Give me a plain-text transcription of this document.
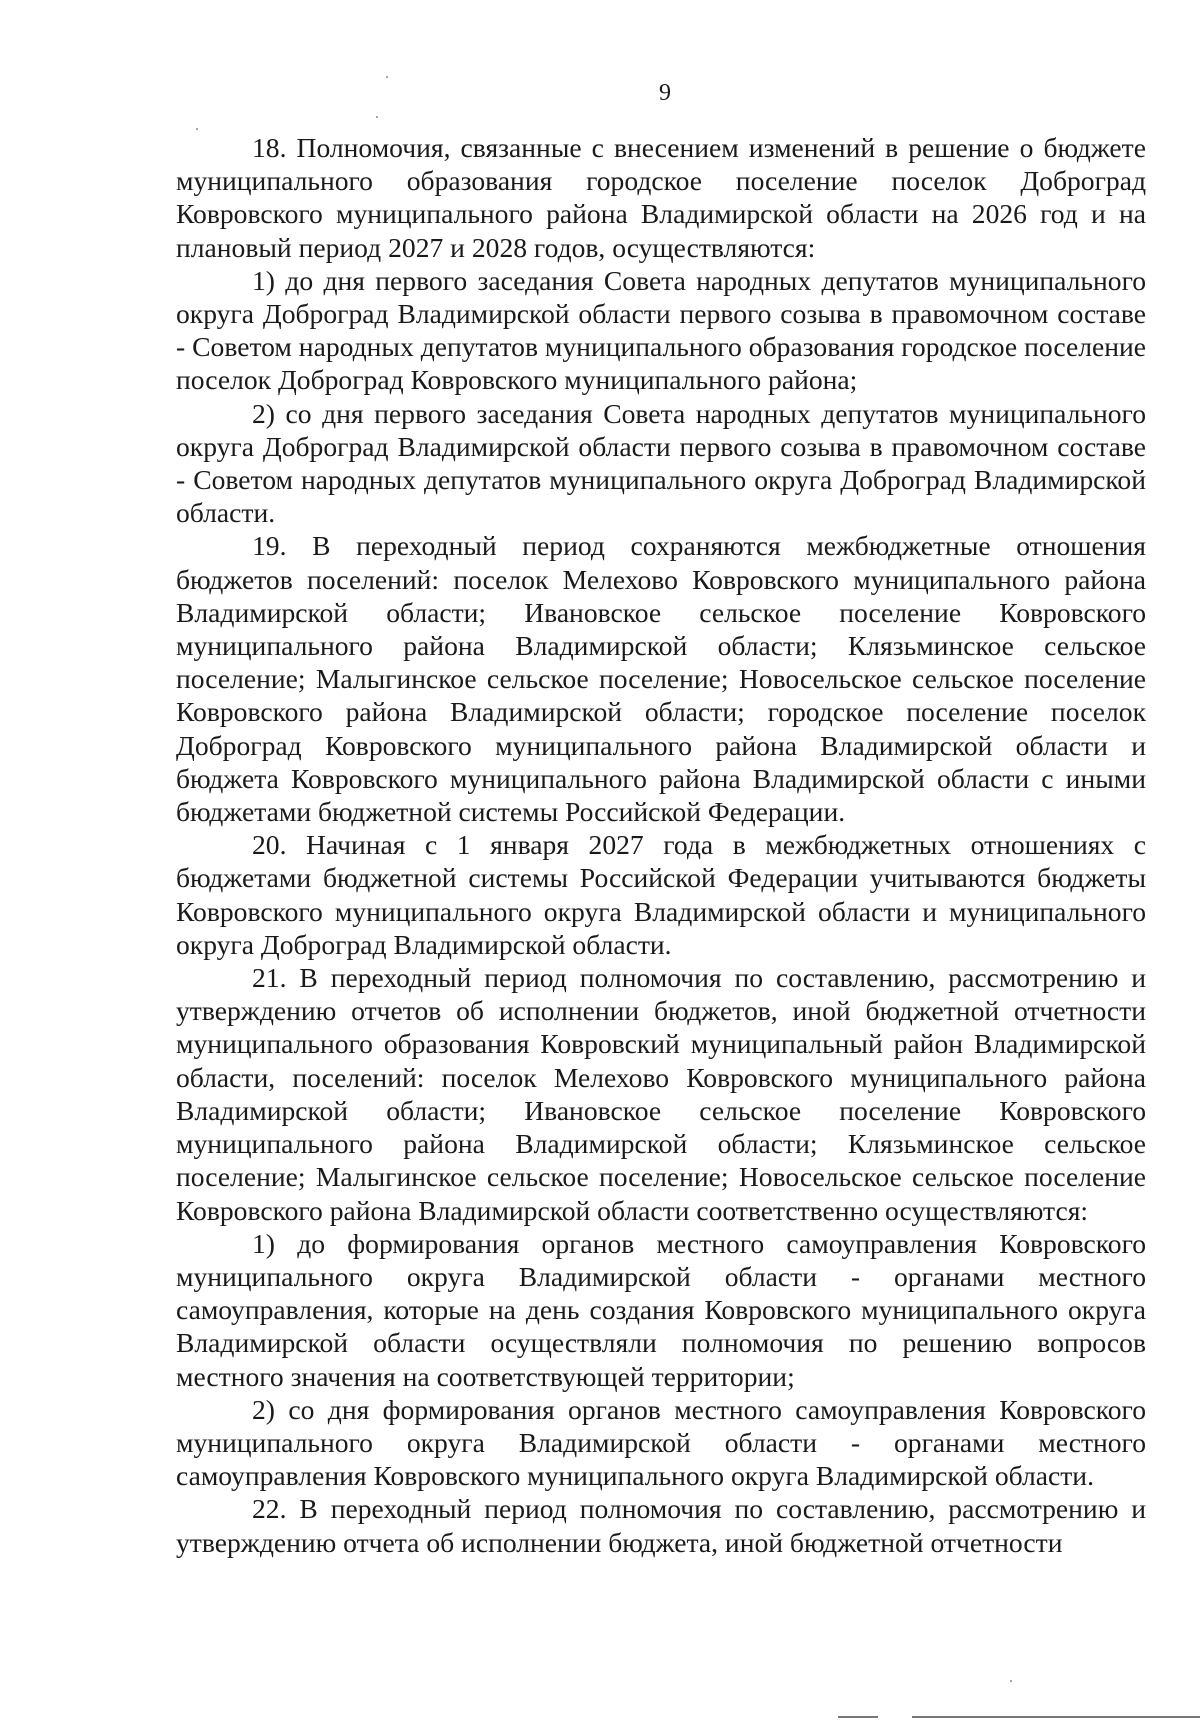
9

18. Полномочия, связанные с внесением изменений в решение о бюджете муниципального образования городское поселение поселок Доброград Ковровского муниципального района Владимирской области на 2026 год и на плановый период 2027 и 2028 годов, осуществляются:

1) до дня первого заседания Совета народных депутатов муниципального округа Доброград Владимирской области первого созыва в правомочном составе - Советом народных депутатов муниципального образования городское поселение поселок Доброград Ковровского муниципального района;

2) со дня первого заседания Совета народных депутатов муниципального округа Доброград Владимирской области первого созыва в правомочном составе - Советом народных депутатов муниципального округа Доброград Владимирской области.

19. В переходный период сохраняются межбюджетные отношения бюджетов поселений: поселок Мелехово Ковровского муниципального района Владимирской области; Ивановское сельское поселение Ковровского муниципального района Владимирской области; Клязьминское сельское поселение; Малыгинское сельское поселение; Новосельское сельское поселение Ковровского района Владимирской области; городское поселение поселок Доброград Ковровского муниципального района Владимирской области и бюджета Ковровского муниципального района Владимирской области с иными бюджетами бюджетной системы Российской Федерации.

20. Начиная с 1 января 2027 года в межбюджетных отношениях с бюджетами бюджетной системы Российской Федерации учитываются бюджеты Ковровского муниципального округа Владимирской области и муниципального округа Доброград Владимирской области.

21. В переходный период полномочия по составлению, рассмотрению и утверждению отчетов об исполнении бюджетов, иной бюджетной отчетности муниципального образования Ковровский муниципальный район Владимирской области, поселений: поселок Мелехово Ковровского муниципального района Владимирской области; Ивановское сельское поселение Ковровского муниципального района Владимирской области; Клязьминское сельское поселение; Малыгинское сельское поселение; Новосельское сельское поселение Ковровского района Владимирской области соответственно осуществляются:

1) до формирования органов местного самоуправления Ковровского муниципального округа Владимирской области - органами местного самоуправления, которые на день создания Ковровского муниципального округа Владимирской области осуществляли полномочия по решению вопросов местного значения на соответствующей территории;

2) со дня формирования органов местного самоуправления Ковровского муниципального округа Владимирской области - органами местного самоуправления Ковровского муниципального округа Владимирской области.

22. В переходный период полномочия по составлению, рассмотрению и утверждению отчета об исполнении бюджета, иной бюджетной отчетности
